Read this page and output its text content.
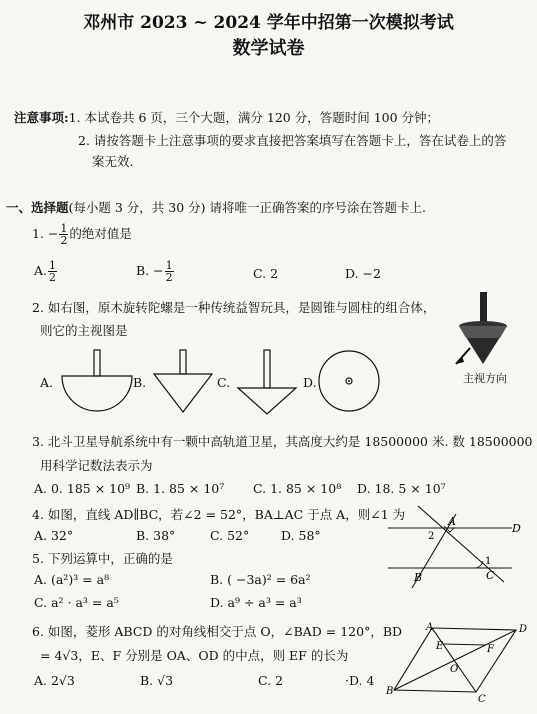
邓州市 2023 ~ 2024 学年中招第一次模拟考试
数学试卷
注意事项:1. 本试卷共 6 页，三个大题，满分 120 分，答题时间 100 分钟；
2. 请按答题卡上注意事项的要求直接把答案填写在答题卡上，答在试卷上的答
案无效.
一、选择题(每小题 3 分，共 30 分) 请将唯一正确答案的序号涂在答题卡上.
1. − $\frac{1}{2}$ 的绝对值是
A. $\frac{1}{2}$	B. − $\frac{1}{2}$	C. 2	D. −2
2. 如右图，原木旋转陀螺是一种传统益智玩具，是圆锥与圆柱的组合体，
则它的主视图是
主视方向
A.	B.	C.	D.
3. 北斗卫星导航系统中有一颗中高轨道卫星，其高度大约是 18500000 米. 数 18500000
用科学记数法表示为
A. 0. 185 × 10⁹ B. 1. 85 × 10⁷ C. 1. 85 × 10⁸ D. 18. 5 × 10⁷
4. 如图，直线 AD∥BC，若∠2 = 52°，BA⊥AC 于点 A，则∠1 为
A. 32°	B. 38°	C. 52°	D. 58°
A
D
B	C
2
1
5. 下列运算中，正确的是
A. (a²)³ = a⁸	B. ( −3a)² = 6a²
C. a² · a³ = a⁵	D. a⁹ ÷ a³ = a³
6. 如图，菱形 ABCD 的对角线相交于点 O，∠BAD = 120°，BD
= 4√3，E、F 分别是 OA、OD 的中点，则 EF 的长为
A. 2√3	B. √3	C. 2	·D. 4
A	D
E	F
O
B
C
